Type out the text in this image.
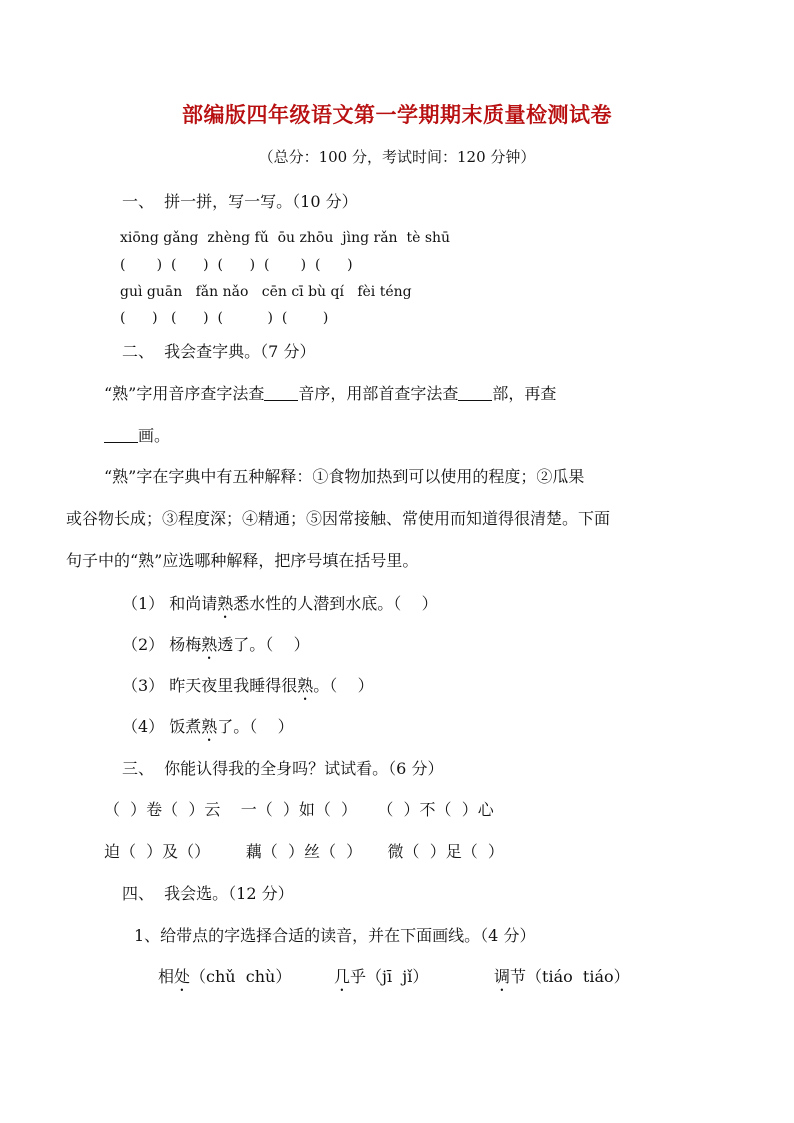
部编版四年级语文第一学期期末质量检测试卷
（总分：100 分，考试时间：120 分钟）
一、  拼一拼，写一写。（10 分）
xiōng gǎng  zhèng fǔ  ōu zhōu  jìng rǎn  tè shū
(       )  (      )  (      )  (       )  (      )
guì guān   fǎn nǎo   cēn cī bù qí   fèi téng
(      )   (      )  (          )  (        )
二、  我会查字典。（7 分）
“熟”字用音序查字法查 音序，用部首查字法查 部，再查
画。
“熟”字在字典中有五种解释：①食物加热到可以使用的程度；②瓜果
或谷物长成；③程度深；④精通；⑤因常接触、常使用而知道得很清楚。下面
句子中的“熟”应选哪种解释，把序号填在括号里。
（1） 和尚请熟悉水性的人潜到水底。（    ）
（2） 杨梅熟透了。（    ）
（3） 昨天夜里我睡得很熟。（    ）
（4） 饭煮熟了。（    ）
三、  你能认得我的全身吗？试试看。（6 分）
（  ）卷（  ）云    一（  ）如（  ）    （  ）不（  ）心
迫（  ）及（）       藕（  ）丝（  ）     微（  ）足（  ）
四、  我会选。（12 分）
1、给带点的字选择合适的读音，并在下面画线。（4 分）
相处（chǔ  chù）	几乎（jī  jǐ）	调节（tiáo  tiáo）
